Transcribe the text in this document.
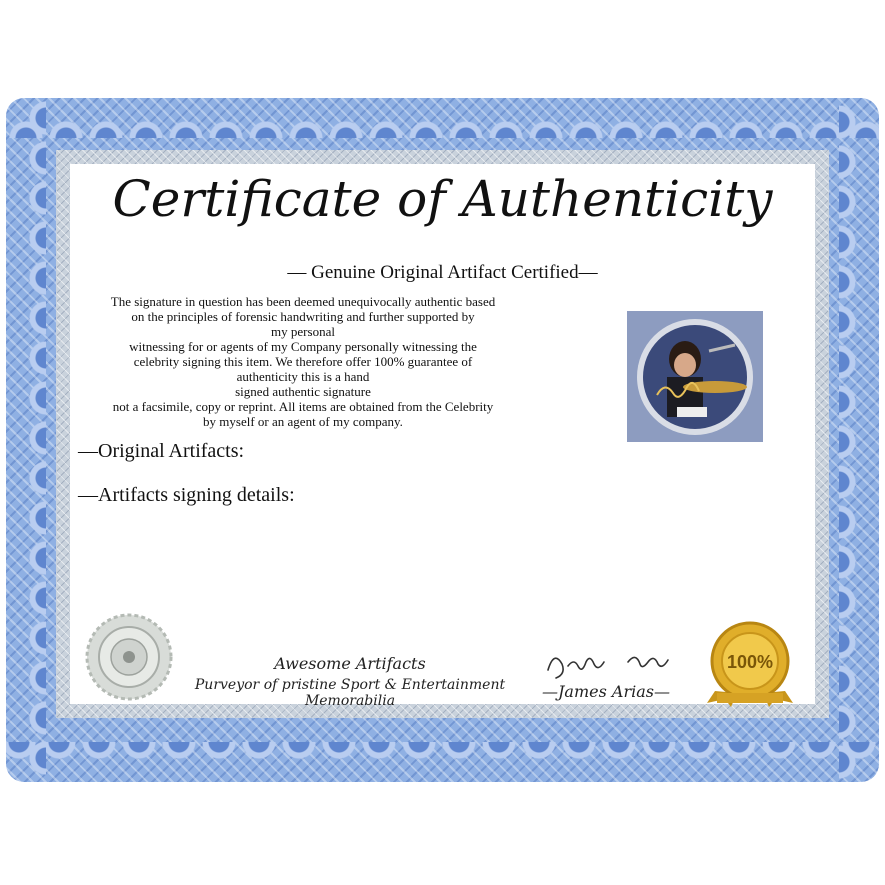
Certificate of Authenticity
— Genuine Original Artifact Certified—
The signature in question has been deemed unequivocally authentic based
on the principles of forensic handwriting and further supported by
my personal
witnessing for or agents of my Company personally witnessing the
celebrity signing this item. We therefore offer 100% guarantee of
authenticity this is a hand
signed authentic signature
not a facsimile, copy or reprint. All items are obtained from the Celebrity
by myself or an agent of my company.
—Original Artifacts:
—Artifacts signing details:
Awesome Artifacts
Purveyor of pristine Sport & Entertainment Memorabilia	—James Arias—
100%
